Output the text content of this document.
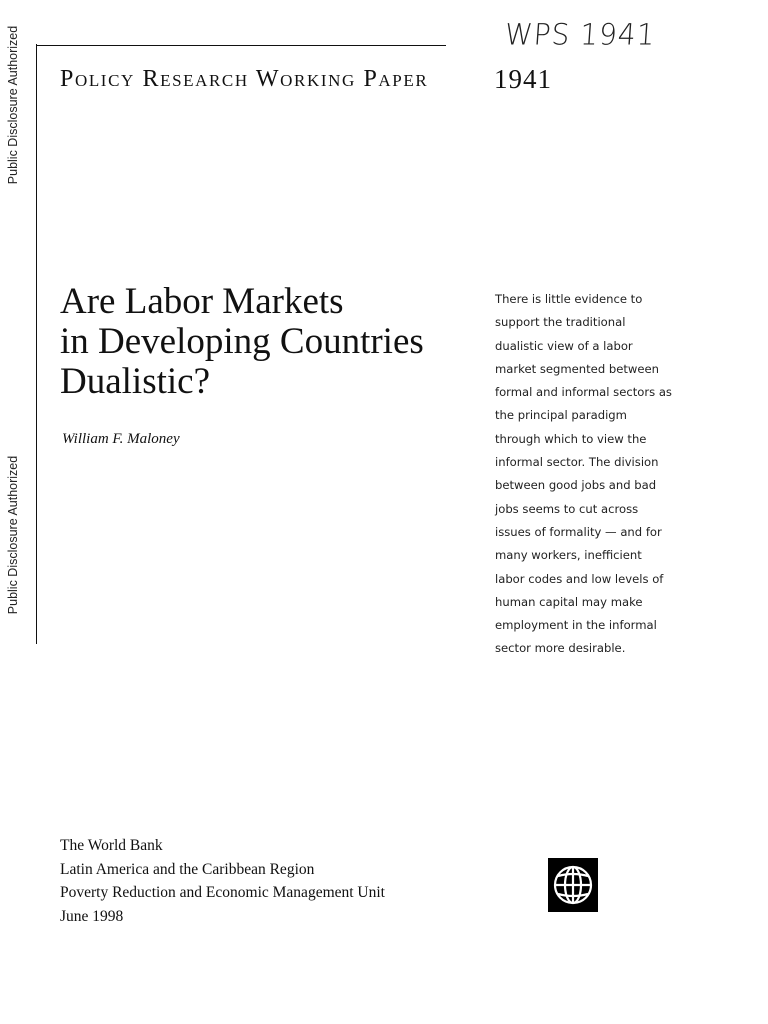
Public Disclosure Authorized
Public Disclosure Authorized
WPS 1941
Policy Research Working Paper 1941
Are Labor Markets
in Developing Countries
Dualistic?
William F. Maloney
There is little evidence to
support the traditional
dualistic view of a labor
market segmented between
formal and informal sectors as
the principal paradigm
through which to view the
informal sector. The division
between good jobs and bad
jobs seems to cut across
issues of formality — and for
many workers, inefficient
labor codes and low levels of
human capital may make
employment in the informal
sector more desirable.
The World Bank
Latin America and the Caribbean Region
Poverty Reduction and Economic Management Unit
June 1998
